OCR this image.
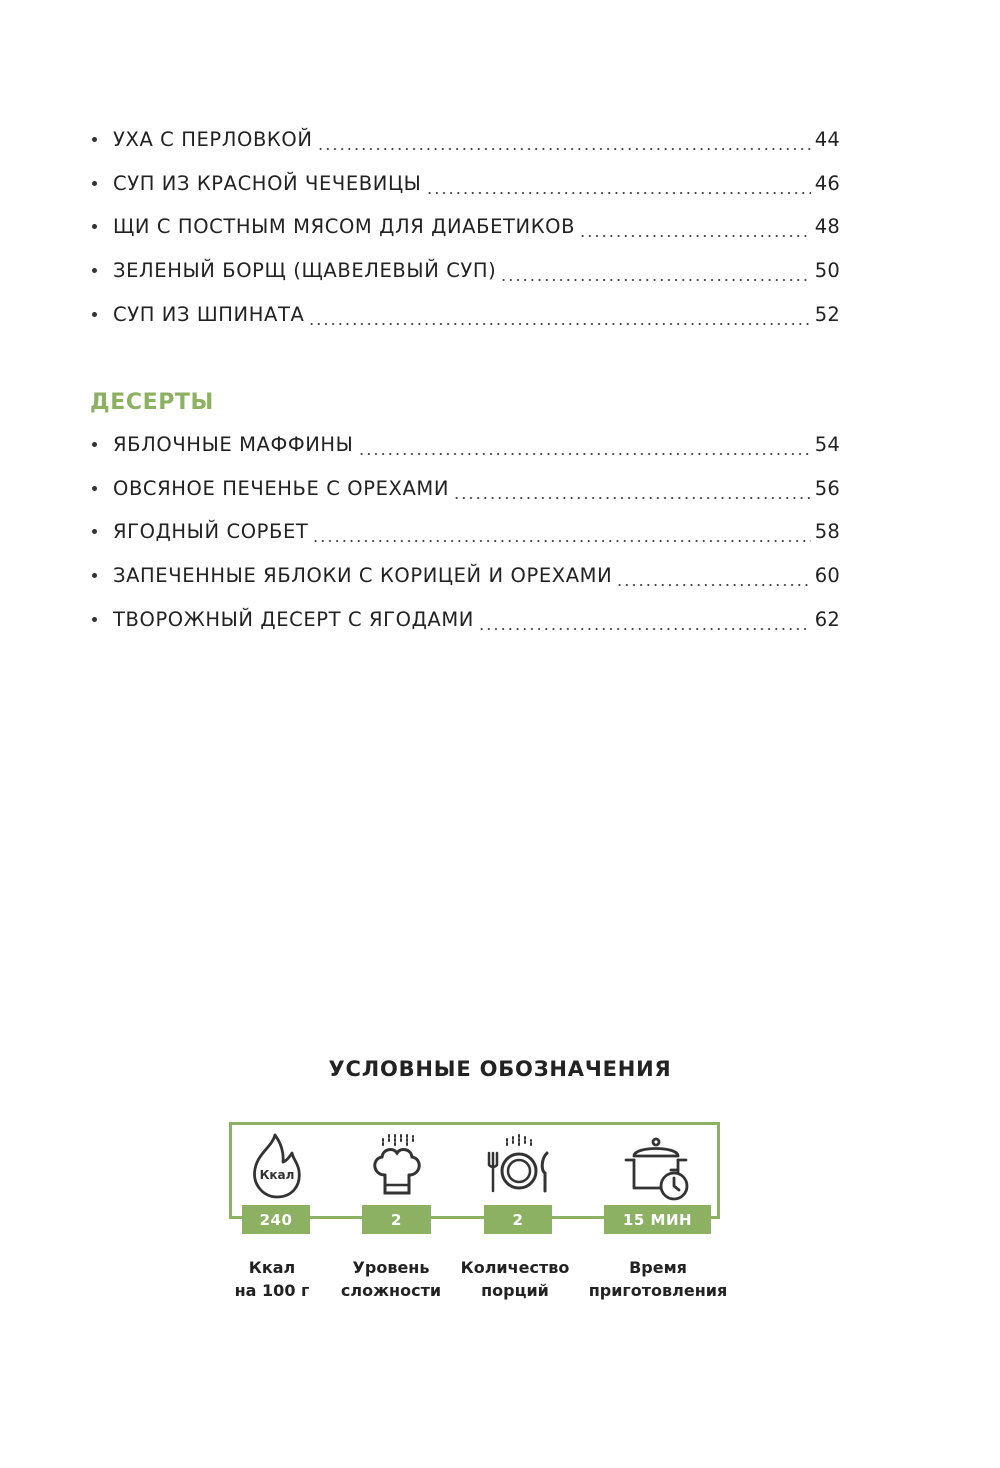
УХА С ПЕРЛОВКОЙ	44
СУП ИЗ КРАСНОЙ ЧЕЧЕВИЦЫ	46
ЩИ С ПОСТНЫМ МЯСОМ ДЛЯ ДИАБЕТИКОВ	48
ЗЕЛЕНЫЙ БОРЩ (ЩАВЕЛЕВЫЙ СУП)	50
СУП ИЗ ШПИНАТА	52
ДЕСЕРТЫ
ЯБЛОЧНЫЕ МАФФИНЫ	54
ОВСЯНОЕ ПЕЧЕНЬЕ С ОРЕХАМИ	56
ЯГОДНЫЙ СОРБЕТ	58
ЗАПЕЧЕННЫЕ ЯБЛОКИ С КОРИЦЕЙ И ОРЕХАМИ	60
ТВОРОЖНЫЙ ДЕСЕРТ С ЯГОДАМИ	62
УСЛОВНЫЕ ОБОЗНАЧЕНИЯ
Ккал
240	2	2	15 МИН
Ккал
на 100 г
Уровень
сложности
Количество
порций
Время
приготовления
